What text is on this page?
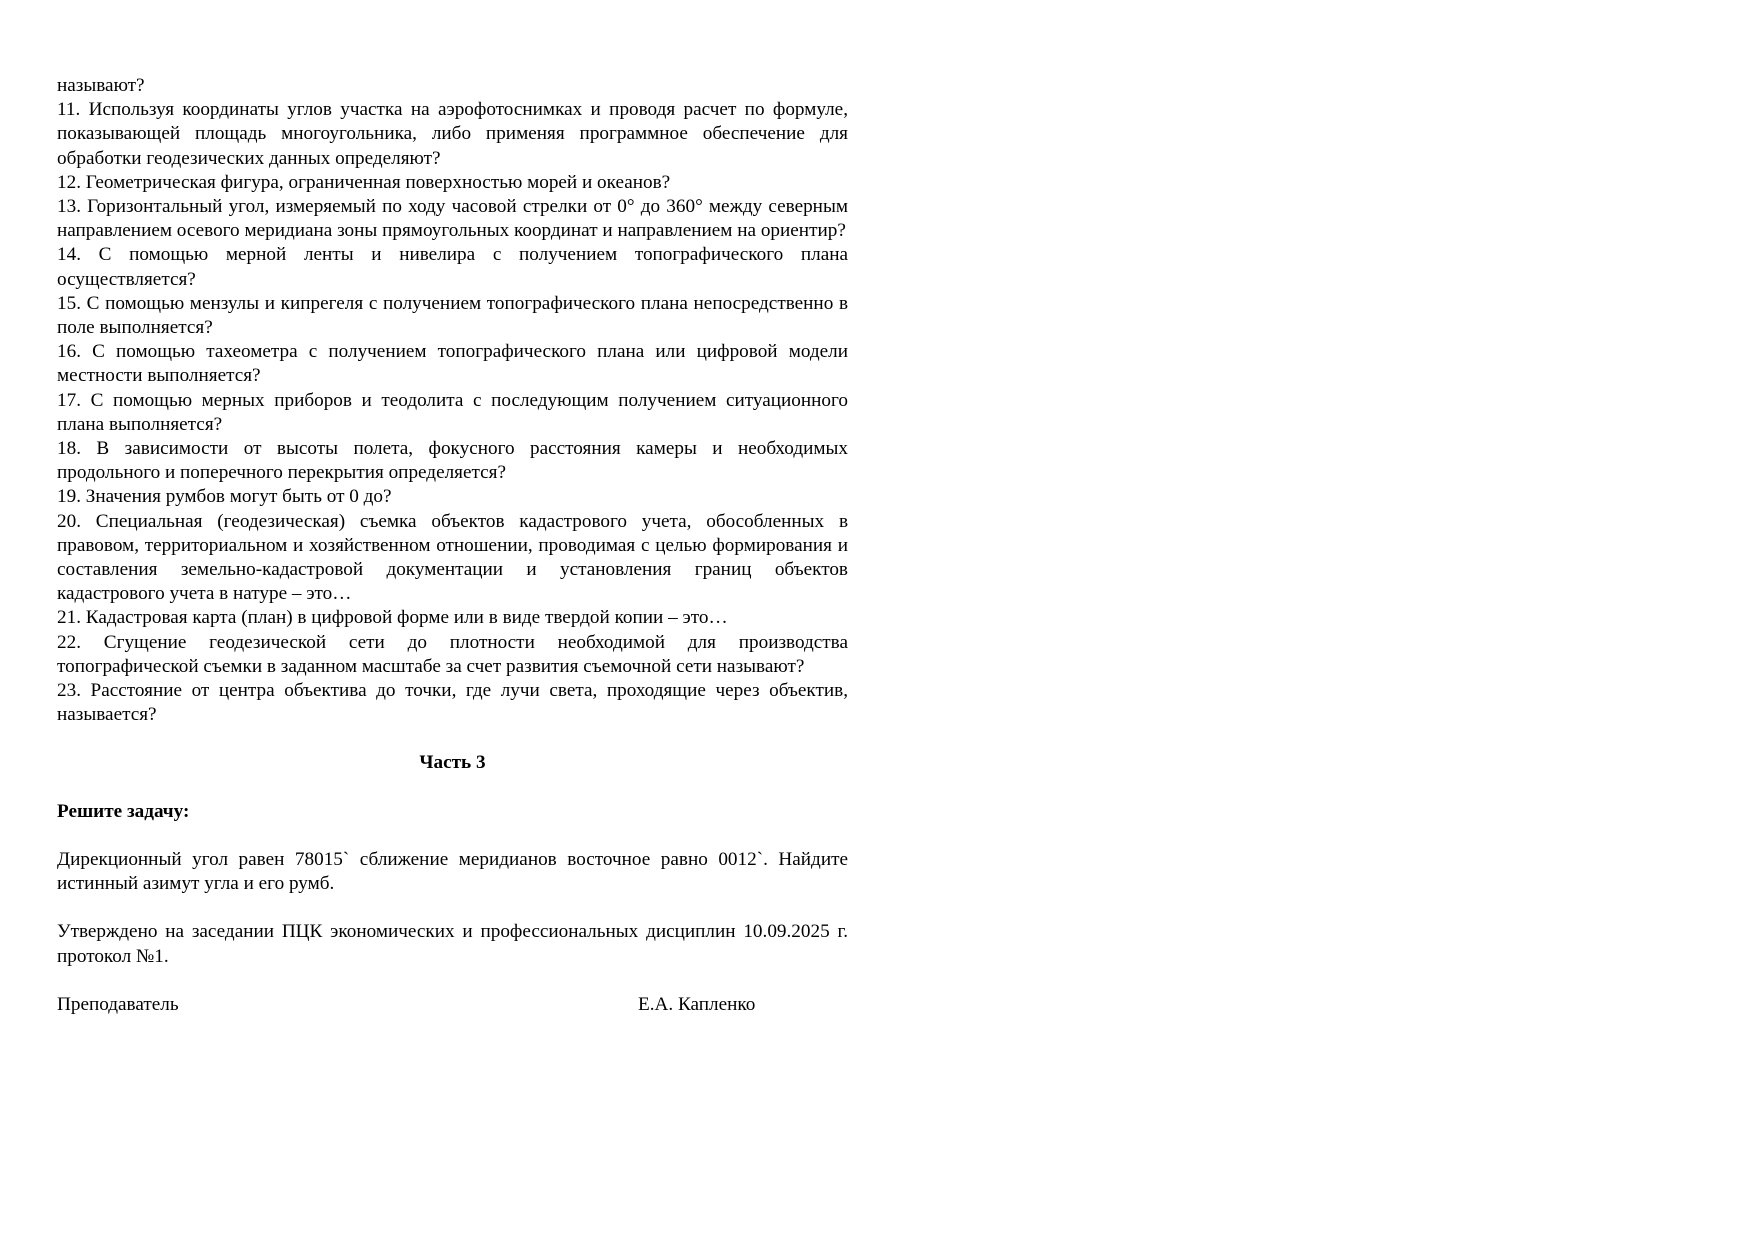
называют?

11. Используя координаты углов участка на аэрофотоснимках и проводя расчет по формуле, показывающей площадь многоугольника, либо применяя программное обеспечение для обработки геодезических данных определяют?

12. Геометрическая фигура, ограниченная поверхностью морей и океанов?

13. Горизонтальный угол, измеряемый по ходу часовой стрелки от 0° до 360° между северным направлением осевого меридиана зоны прямоугольных координат и направлением на ориентир?

14. С помощью мерной ленты и нивелира с получением топографического плана осуществляется?

15. С помощью мензулы и кипрегеля с получением топографического плана непосредственно в поле выполняется?

16. С помощью тахеометра с получением топографического плана или цифровой модели местности выполняется?

17. С помощью мерных приборов и теодолита с последующим получением ситуационного плана выполняется?

18. В зависимости от высоты полета, фокусного расстояния камеры и необходимых продольного и поперечного перекрытия определяется?

19. Значения румбов могут быть от 0 до?

20. Специальная (геодезическая) съемка объектов кадастрового учета, обособленных в правовом, территориальном и хозяйственном отношении, проводимая с целью формирования и составления земельно-кадастровой документации и установления границ объектов кадастрового учета в натуре – это…

21. Кадастровая карта (план) в цифровой форме или в виде твердой копии – это…

22. Сгущение геодезической сети до плотности необходимой для производства топографической съемки в заданном масштабе за счет развития съемочной сети называют?

23. Расстояние от центра объектива до точки, где лучи света, проходящие через объектив, называется?

Часть 3

Решите задачу:

Дирекционный угол равен 78015` сближение меридианов восточное равно 0012`. Найдите истинный азимут угла и его румб.

Утверждено на заседании ПЦК экономических и профессиональных дисциплин 10.09.2025 г. протокол №1.

Преподаватель	Е.А. Капленко
